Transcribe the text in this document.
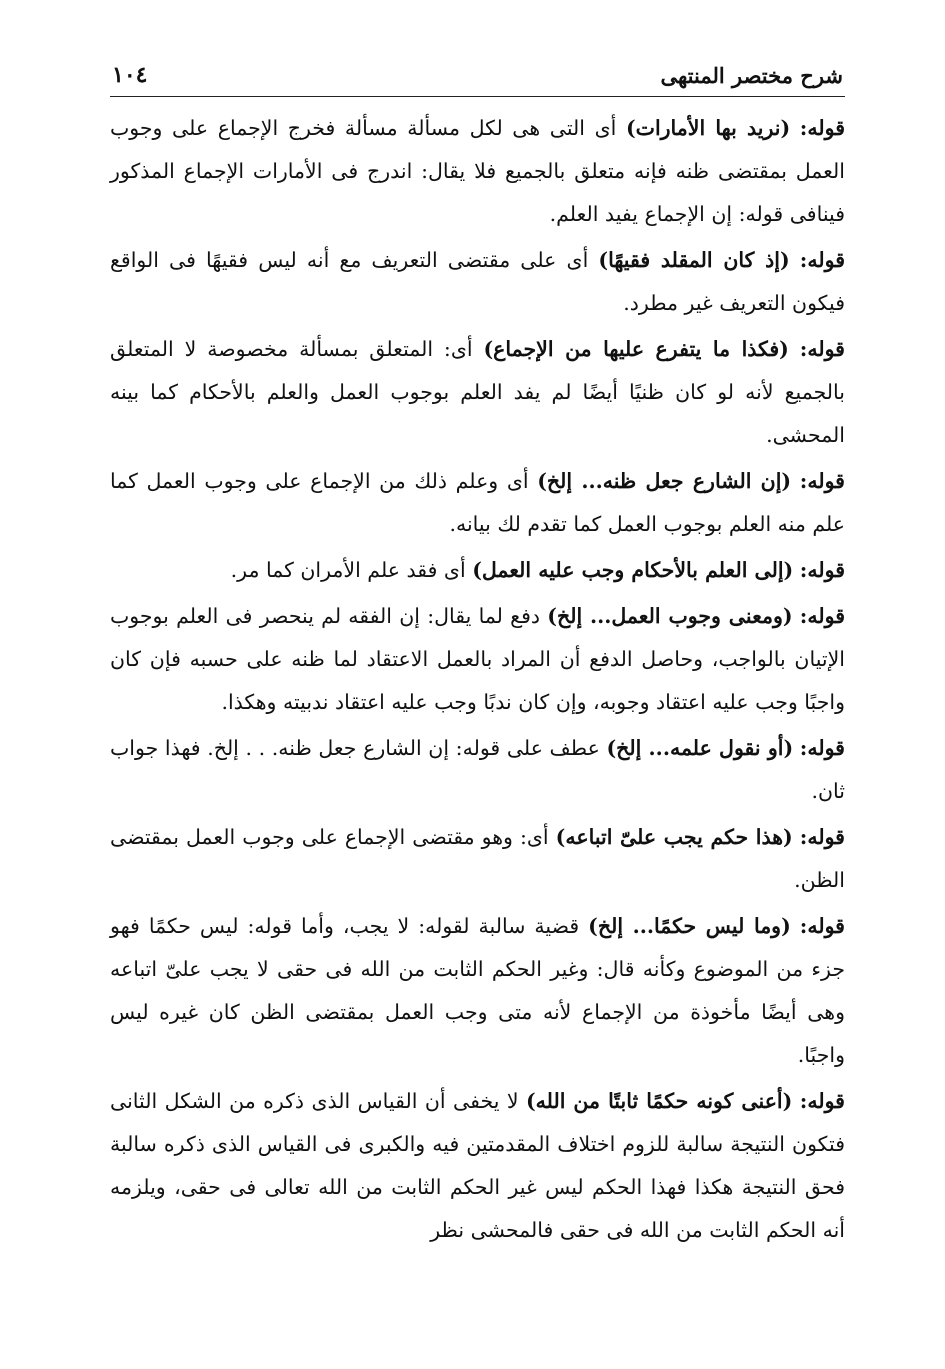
شرح مختصر المنتهى
١٠٤

قوله: (نريد بها الأمارات) أى التى هى لكل مسألة مسألة فخرج الإجماع على وجوب العمل بمقتضى ظنه فإنه متعلق بالجميع فلا يقال: اندرج فى الأمارات الإجماع المذكور فينافى قوله: إن الإجماع يفيد العلم.

قوله: (إذ كان المقلد فقيهًا) أى على مقتضى التعريف مع أنه ليس فقيهًا فى الواقع فيكون التعريف غير مطرد.

قوله: (فكذا ما يتفرع عليها من الإجماع) أى: المتعلق بمسألة مخصوصة لا المتعلق بالجميع لأنه لو كان ظنيًا أيضًا لم يفد العلم بوجوب العمل والعلم بالأحكام كما بينه المحشى.

قوله: (إن الشارع جعل ظنه... إلخ) أى وعلم ذلك من الإجماع على وجوب العمل كما علم منه العلم بوجوب العمل كما تقدم لك بيانه.

قوله: (إلى العلم بالأحكام وجب عليه العمل) أى فقد علم الأمران كما مر.

قوله: (ومعنى وجوب العمل... إلخ) دفع لما يقال: إن الفقه لم ينحصر فى العلم بوجوب الإتيان بالواجب، وحاصل الدفع أن المراد بالعمل الاعتقاد لما ظنه على حسبه فإن كان واجبًا وجب عليه اعتقاد وجوبه، وإن كان ندبًا وجب عليه اعتقاد ندبيته وهكذا.

قوله: (أو نقول علمه... إلخ) عطف على قوله: إن الشارع جعل ظنه. . . إلخ. فهذا جواب ثان.

قوله: (هذا حكم يجب علىّ اتباعه) أى: وهو مقتضى الإجماع على وجوب العمل بمقتضى الظن.

قوله: (وما ليس حكمًا... إلخ) قضية سالبة لقوله: لا يجب، وأما قوله: ليس حكمًا فهو جزء من الموضوع وكأنه قال: وغير الحكم الثابت من الله فى حقى لا يجب علىّ اتباعه وهى أيضًا مأخوذة من الإجماع لأنه متى وجب العمل بمقتضى الظن كان غيره ليس واجبًا.

قوله: (أعنى كونه حكمًا ثابتًا من الله) لا يخفى أن القياس الذى ذكره من الشكل الثانى فتكون النتيجة سالبة للزوم اختلاف المقدمتين فيه والكبرى فى القياس الذى ذكره سالبة فحق النتيجة هكذا فهذا الحكم ليس غير الحكم الثابت من الله تعالى فى حقى، ويلزمه أنه الحكم الثابت من الله فى حقى فالمحشى نظر
